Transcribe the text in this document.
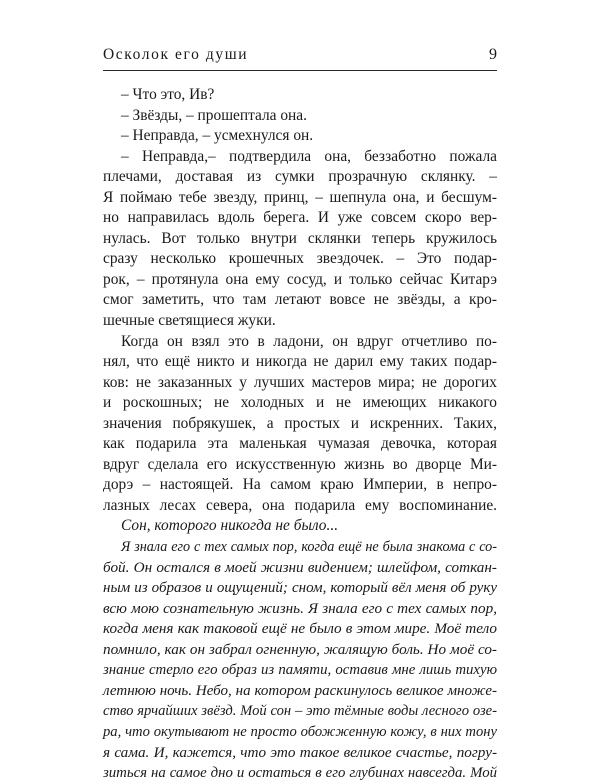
Осколок его души	9
– Что это, Ив?
– Звёзды, – прошептала она.
– Неправда, – усмехнулся он.
– Неправда,– подтвердила она, беззаботно пожала
плечами, доставая из сумки прозрачную склянку. –
Я поймаю тебе звезду, принц, – шепнула она, и бесшум-
но направилась вдоль берега. И уже совсем скоро вер-
нулась. Вот только внутри склянки теперь кружилось
сразу несколько крошечных звездочек. – Это подар-
рок, – протянула она ему сосуд, и только сейчас Китарэ
смог заметить, что там летают вовсе не звёзды, а кро-
шечные светящиеся жуки.
Когда он взял это в ладони, он вдруг отчетливо по-
нял, что ещё никто и никогда не дарил ему таких подар-
ков: не заказанных у лучших мастеров мира; не дорогих
и роскошных; не холодных и не имеющих никакого
значения побрякушек, а простых и искренних. Таких,
как подарила эта маленькая чумазая девочка, которая
вдруг сделала его искусственную жизнь во дворце Ми-
дорэ – настоящей. На самом краю Империи, в непро-
лазных лесах севера, она подарила ему воспоминание.
Сон, которого никогда не было...
Я знала его с тех самых пор, когда ещё не была знакома с со-
бой. Он остался в моей жизни видением; шлейфом, соткан-
ным из образов и ощущений; сном, который вёл меня об руку
всю мою сознательную жизнь. Я знала его с тех самых пор,
когда меня как таковой ещё не было в этом мире. Моё тело
помнило, как он забрал огненную, жалящую боль. Но моё со-
знание стерло его образ из памяти, оставив мне лишь тихую
летнюю ночь. Небо, на котором раскинулось великое множе-
ство ярчайших звёзд. Мой сон – это тёмные воды лесного озе-
ра, что окутывают не просто обожженную кожу, в них тону
я сама. И, кажется, что это такое великое счастье, погру-
зиться на самое дно и остаться в его глубинах навсегда. Мой
